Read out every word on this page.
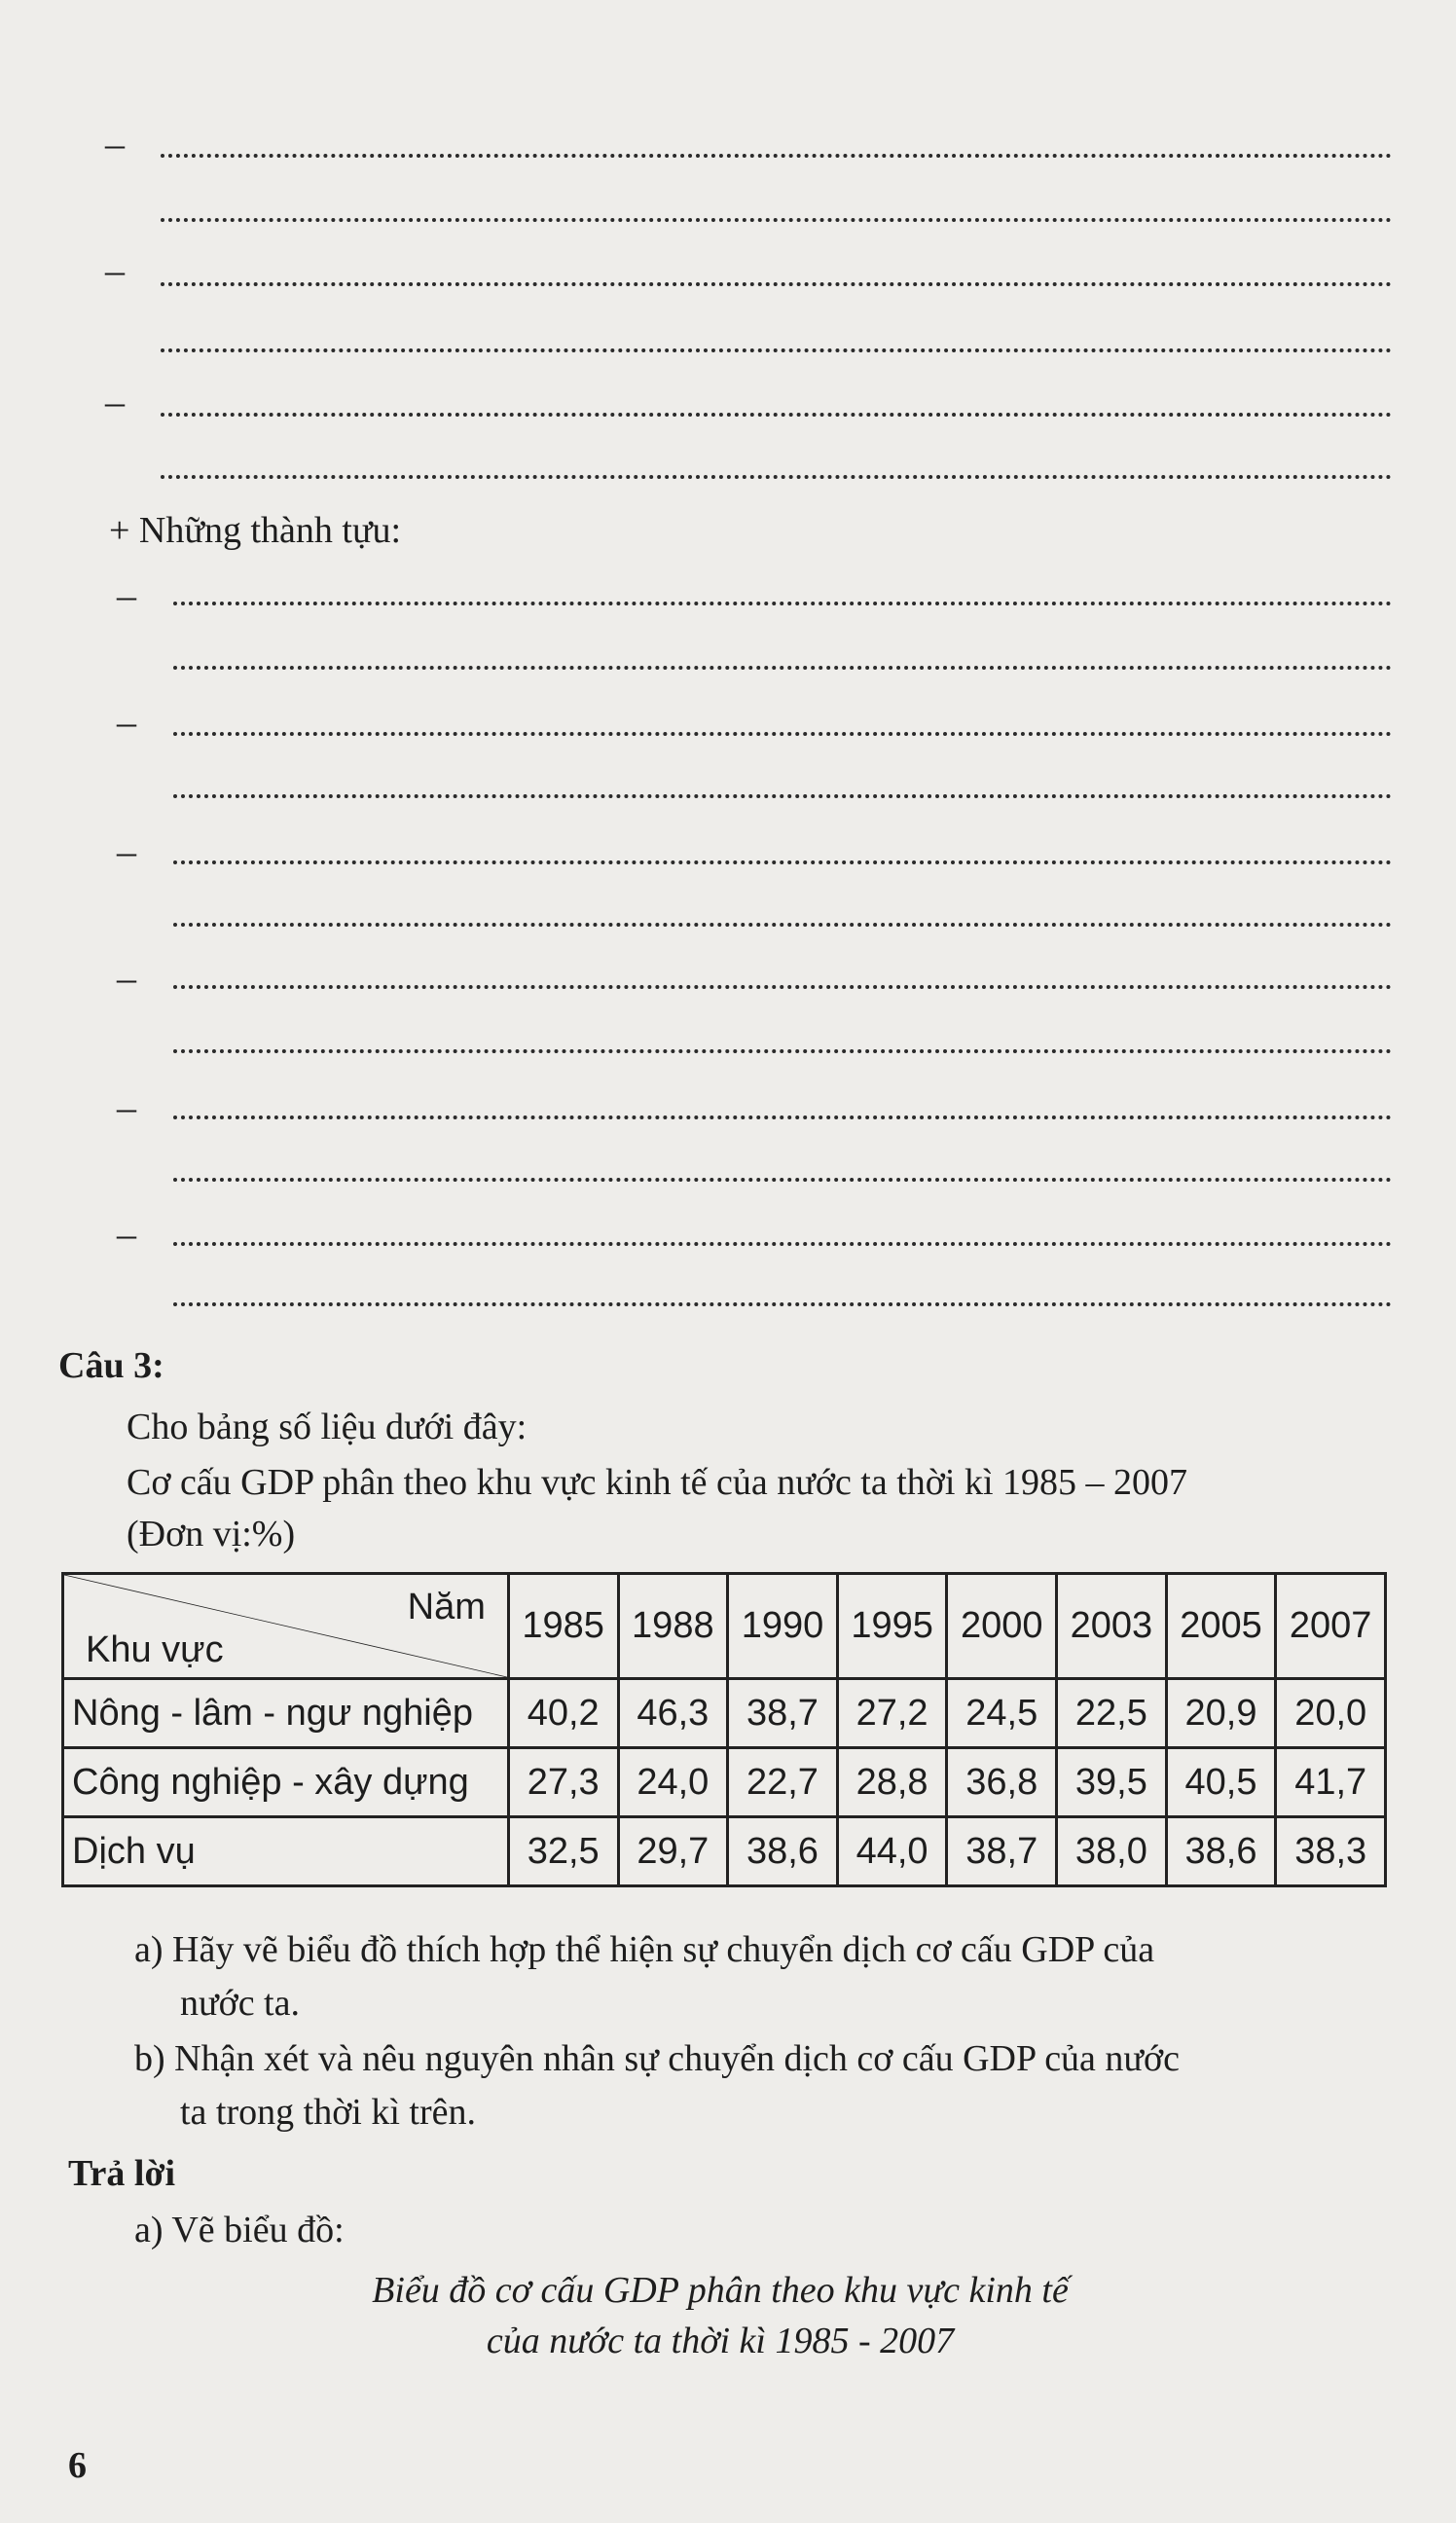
–
–
–
+ Những thành tựu:
–
–
–
–
–
–
Câu 3:
Cho bảng số liệu dưới đây:
Cơ cấu GDP phân theo khu vực kinh tế của nước ta thời kì 1985 – 2007
(Đơn vị:%)
Năm
Khu vực	1985	1988	1990	1995	2000	2003	2005	2007
Nông - lâm - ngư nghiệp	40,2	46,3	38,7	27,2	24,5	22,5	20,9	20,0
Công nghiệp - xây dựng	27,3	24,0	22,7	28,8	36,8	39,5	40,5	41,7
Dịch vụ	32,5	29,7	38,6	44,0	38,7	38,0	38,6	38,3
a) Hãy vẽ biểu đồ thích hợp thể hiện sự chuyển dịch cơ cấu GDP của
nước ta.
b) Nhận xét và nêu nguyên nhân sự chuyển dịch cơ cấu GDP của nước
ta trong thời kì trên.
Trả lời
a) Vẽ biểu đồ:
Biểu đồ cơ cấu GDP phân theo khu vực kinh tế
của nước ta thời kì 1985 - 2007
6
